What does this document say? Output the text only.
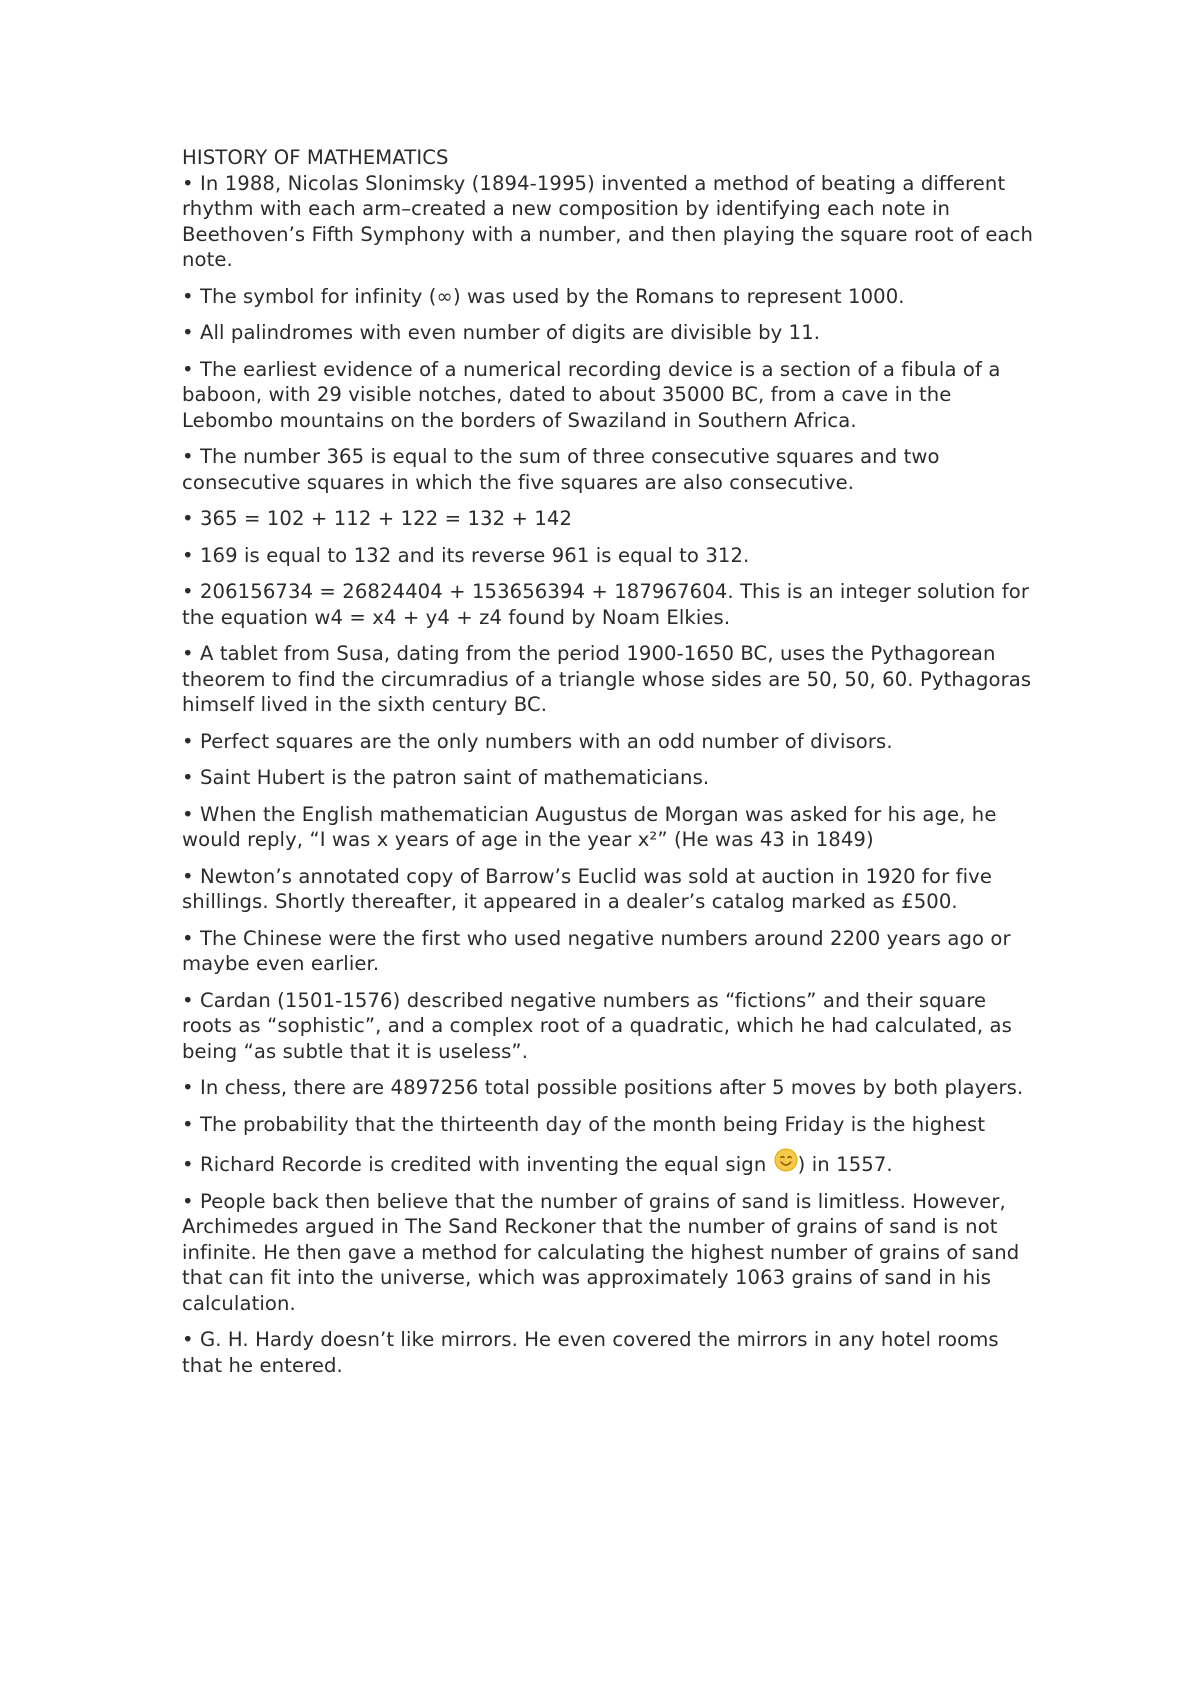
HISTORY OF MATHEMATICS
• In 1988, Nicolas Slonimsky (1894-1995) invented a method of beating a different rhythm with each arm–created a new composition by identifying each note in Beethoven’s Fifth Symphony with a number, and then playing the square root of each note.
• The symbol for infinity (∞) was used by the Romans to represent 1000.
• All palindromes with even number of digits are divisible by 11.
• The earliest evidence of a numerical recording device is a section of a fibula of a baboon, with 29 visible notches, dated to about 35000 BC, from a cave in the Lebombo mountains on the borders of Swaziland in Southern Africa.
• The number 365 is equal to the sum of three consecutive squares and two consecutive squares in which the five squares are also consecutive.
• 365 = 102 + 112 + 122 = 132 + 142
• 169 is equal to 132 and its reverse 961 is equal to 312.
• 206156734 = 26824404 + 153656394 + 187967604. This is an integer solution for the equation w4 = x4 + y4 + z4 found by Noam Elkies.
• A tablet from Susa, dating from the period 1900-1650 BC, uses the Pythagorean theorem to find the circumradius of a triangle whose sides are 50, 50, 60. Pythagoras himself lived in the sixth century BC.
• Perfect squares are the only numbers with an odd number of divisors.
• Saint Hubert is the patron saint of mathematicians.
• When the English mathematician Augustus de Morgan was asked for his age, he would reply, “I was x years of age in the year x²” (He was 43 in 1849)
• Newton’s annotated copy of Barrow’s Euclid was sold at auction in 1920 for five shillings. Shortly thereafter, it appeared in a dealer’s catalog marked as £500.
• The Chinese were the first who used negative numbers around 2200 years ago or maybe even earlier.
• Cardan (1501-1576) described negative numbers as “fictions” and their square roots as “sophistic”, and a complex root of a quadratic, which he had calculated, as being “as subtle that it is useless”.
• In chess, there are 4897256 total possible positions after 5 moves by both players.
• The probability that the thirteenth day of the month being Friday is the highest
• Richard Recorde is credited with inventing the equal sign ) in 1557.
• People back then believe that the number of grains of sand is limitless. However, Archimedes argued in The Sand Reckoner that the number of grains of sand is not infinite. He then gave a method for calculating the highest number of grains of sand that can fit into the universe, which was approximately 1063 grains of sand in his calculation.
• G. H. Hardy doesn’t like mirrors. He even covered the mirrors in any hotel rooms that he entered.
